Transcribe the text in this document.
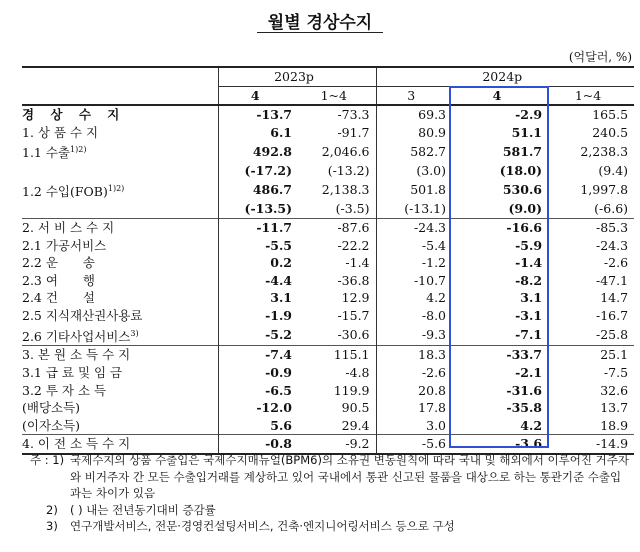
월별 경상수지
(억달러, %)
	2023p		2024p		
	4	1~4	3	4	1~4
경 상 수 지	-13.7	-73.3	69.3	-2.9	165.5
1. 상 품 수 지	6.1	-91.7	80.9	51.1	240.5
1.1 수출$^{1)2)}$	492.8	2,046.6	582.7	581.7	2,238.3
	(-17.2)	(-13.2)	(3.0)	(18.0)	(9.4)
1.2 수입(FOB)$^{1)2)}$	486.7	2,138.3	501.8	530.6	1,997.8
	(-13.5)	(-3.5)	(-13.1)	(9.0)	(-6.6)
2. 서 비 스 수 지	-11.7	-87.6	-24.3	-16.6	-85.3
2.1 가공서비스	-5.5	-22.2	-5.4	-5.9	-24.3
2.2 운　　송	0.2	-1.4	-1.2	-1.4	-2.6
2.3 여　　행	-4.4	-36.8	-10.7	-8.2	-47.1
2.4 건　　설	3.1	12.9	4.2	3.1	14.7
2.5 지식재산권사용료	-1.9	-15.7	-8.0	-3.1	-16.7
2.6 기타사업서비스$^{3)}$	-5.2	-30.6	-9.3	-7.1	-25.8
3. 본 원 소 득 수 지	-7.4	115.1	18.3	-33.7	25.1
3.1 급 료 및 임 금	-0.9	-4.8	-2.6	-2.1	-7.5
3.2 투 자 소 득	-6.5	119.9	20.8	-31.6	32.6
(배당소득)	-12.0	90.5	17.8	-35.8	13.7
(이자소득)	5.6	29.4	3.0	4.2	18.9
4. 이 전 소 득 수 지	-0.8	-9.2	-5.6	-3.6	-14.9
주 : 1) 국제수지의 상품 수출입은 국제수지매뉴얼(BPM6)의 소유권 변동원칙에 따라 국내 및 해외에서 이루어진 거주자와 비거주자 간 모든 수출입거래를 계상하고 있어 국내에서 통관 신고된 물품을 대상으로 하는 통관기준 수출입과는 차이가 있음
2) ( ) 내는 전년동기대비 증감률
3) 연구개발서비스, 전문·경영컨설팅서비스, 건축·엔지니어링서비스 등으로 구성
